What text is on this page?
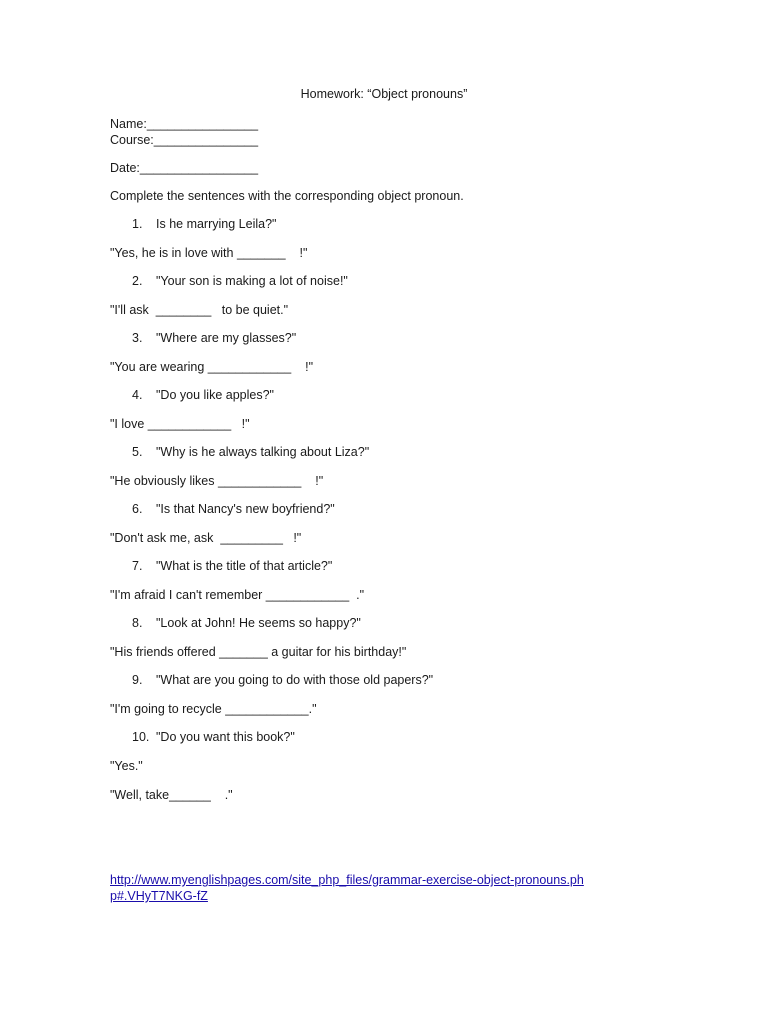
Homework: “Object pronouns”
Name:________________
Course:_______________
Date:_________________
Complete the sentences with the corresponding object pronoun.
1. Is he marrying Leila?"
"Yes, he is in love with _______    !"
2. "Your son is making a lot of noise!"
"I'll ask  ________   to be quiet."
3. "Where are my glasses?"
"You are wearing ____________    !"
4. "Do you like apples?"
"I love ____________   !"
5. "Why is he always talking about Liza?"
"He obviously likes ____________    !"
6. "Is that Nancy's new boyfriend?"
"Don't ask me, ask  _________   !"
7. "What is the title of that article?"
"I'm afraid I can't remember ____________  ."
8. "Look at John! He seems so happy?"
"His friends offered _______ a guitar for his birthday!"
9. "What are you going to do with those old papers?"
"I'm going to recycle ____________."
10. "Do you want this book?"
"Yes."
"Well, take______    ."
http://www.myenglishpages.com/site_php_files/grammar-exercise-object-pronouns.php#.VHyT7NKG-fZ
